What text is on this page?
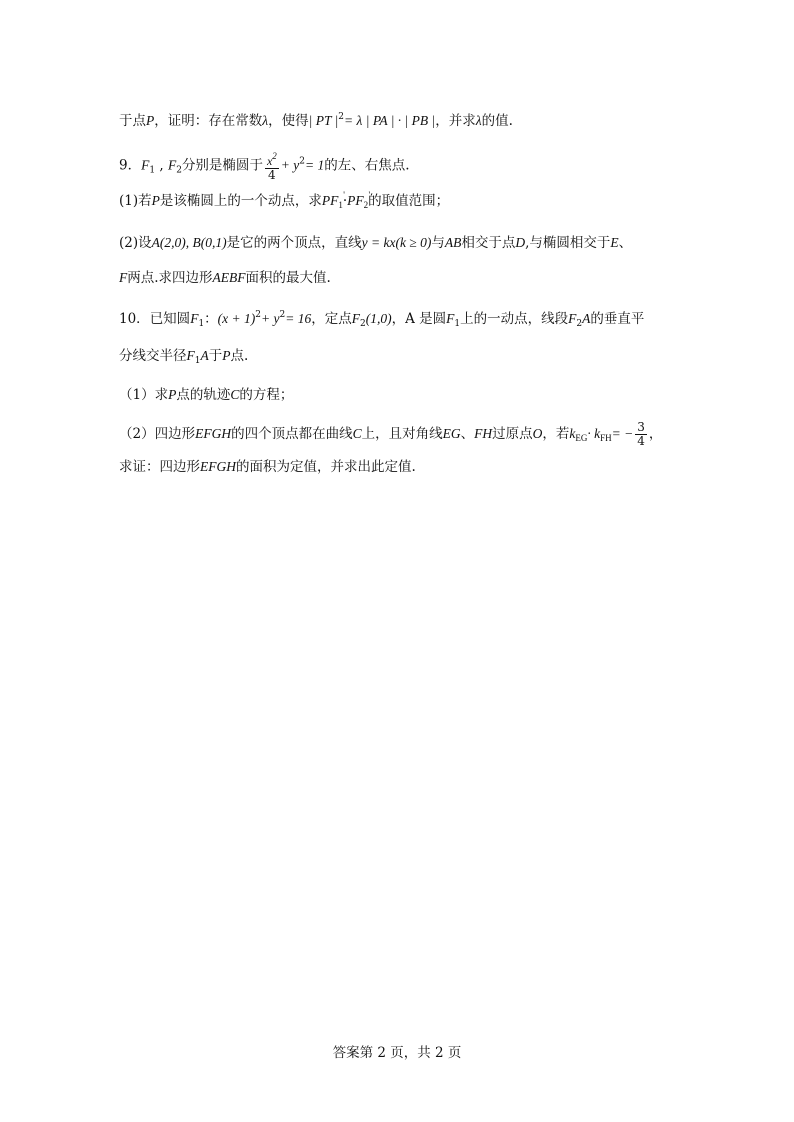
于点P，证明：存在常数λ，使得| PT $|^2= \lambda$ | PA | · | PB |，并求λ的值.
9．$F_1$ , $F_2$分别是椭圆于 $\frac{x^2}{4} + y^2= 1$的左、右焦点.
(1)若P是该椭圆上的一个动点，求$PF_1$ '$\cdot PF_2$ '的取值范围；
(2)设A(2,0), B(0,1)是它的两个顶点，直线y = kx(k ≥ 0)与AB相交于点D,与椭圆相交于E、
F两点.求四边形AEBF面积的最大值.
10．已知圆$F_1$：$(x + 1)^2+ y^2= 16$，定点$F_2(1,0)$，A 是圆$F_1$上的一动点，线段$F_2A$的垂直平
分线交半径$F_1A$于P点.
（1）求P点的轨迹C的方程；
（2）四边形EFGH的四个顶点都在曲线C上，且对角线EG、FH过原点O，若$k_{EG}\cdot k_{FH}= - \frac{3}{4}$ ，
求证：四边形EFGH的面积为定值，并求出此定值.
答案第 2 页，共 2 页
